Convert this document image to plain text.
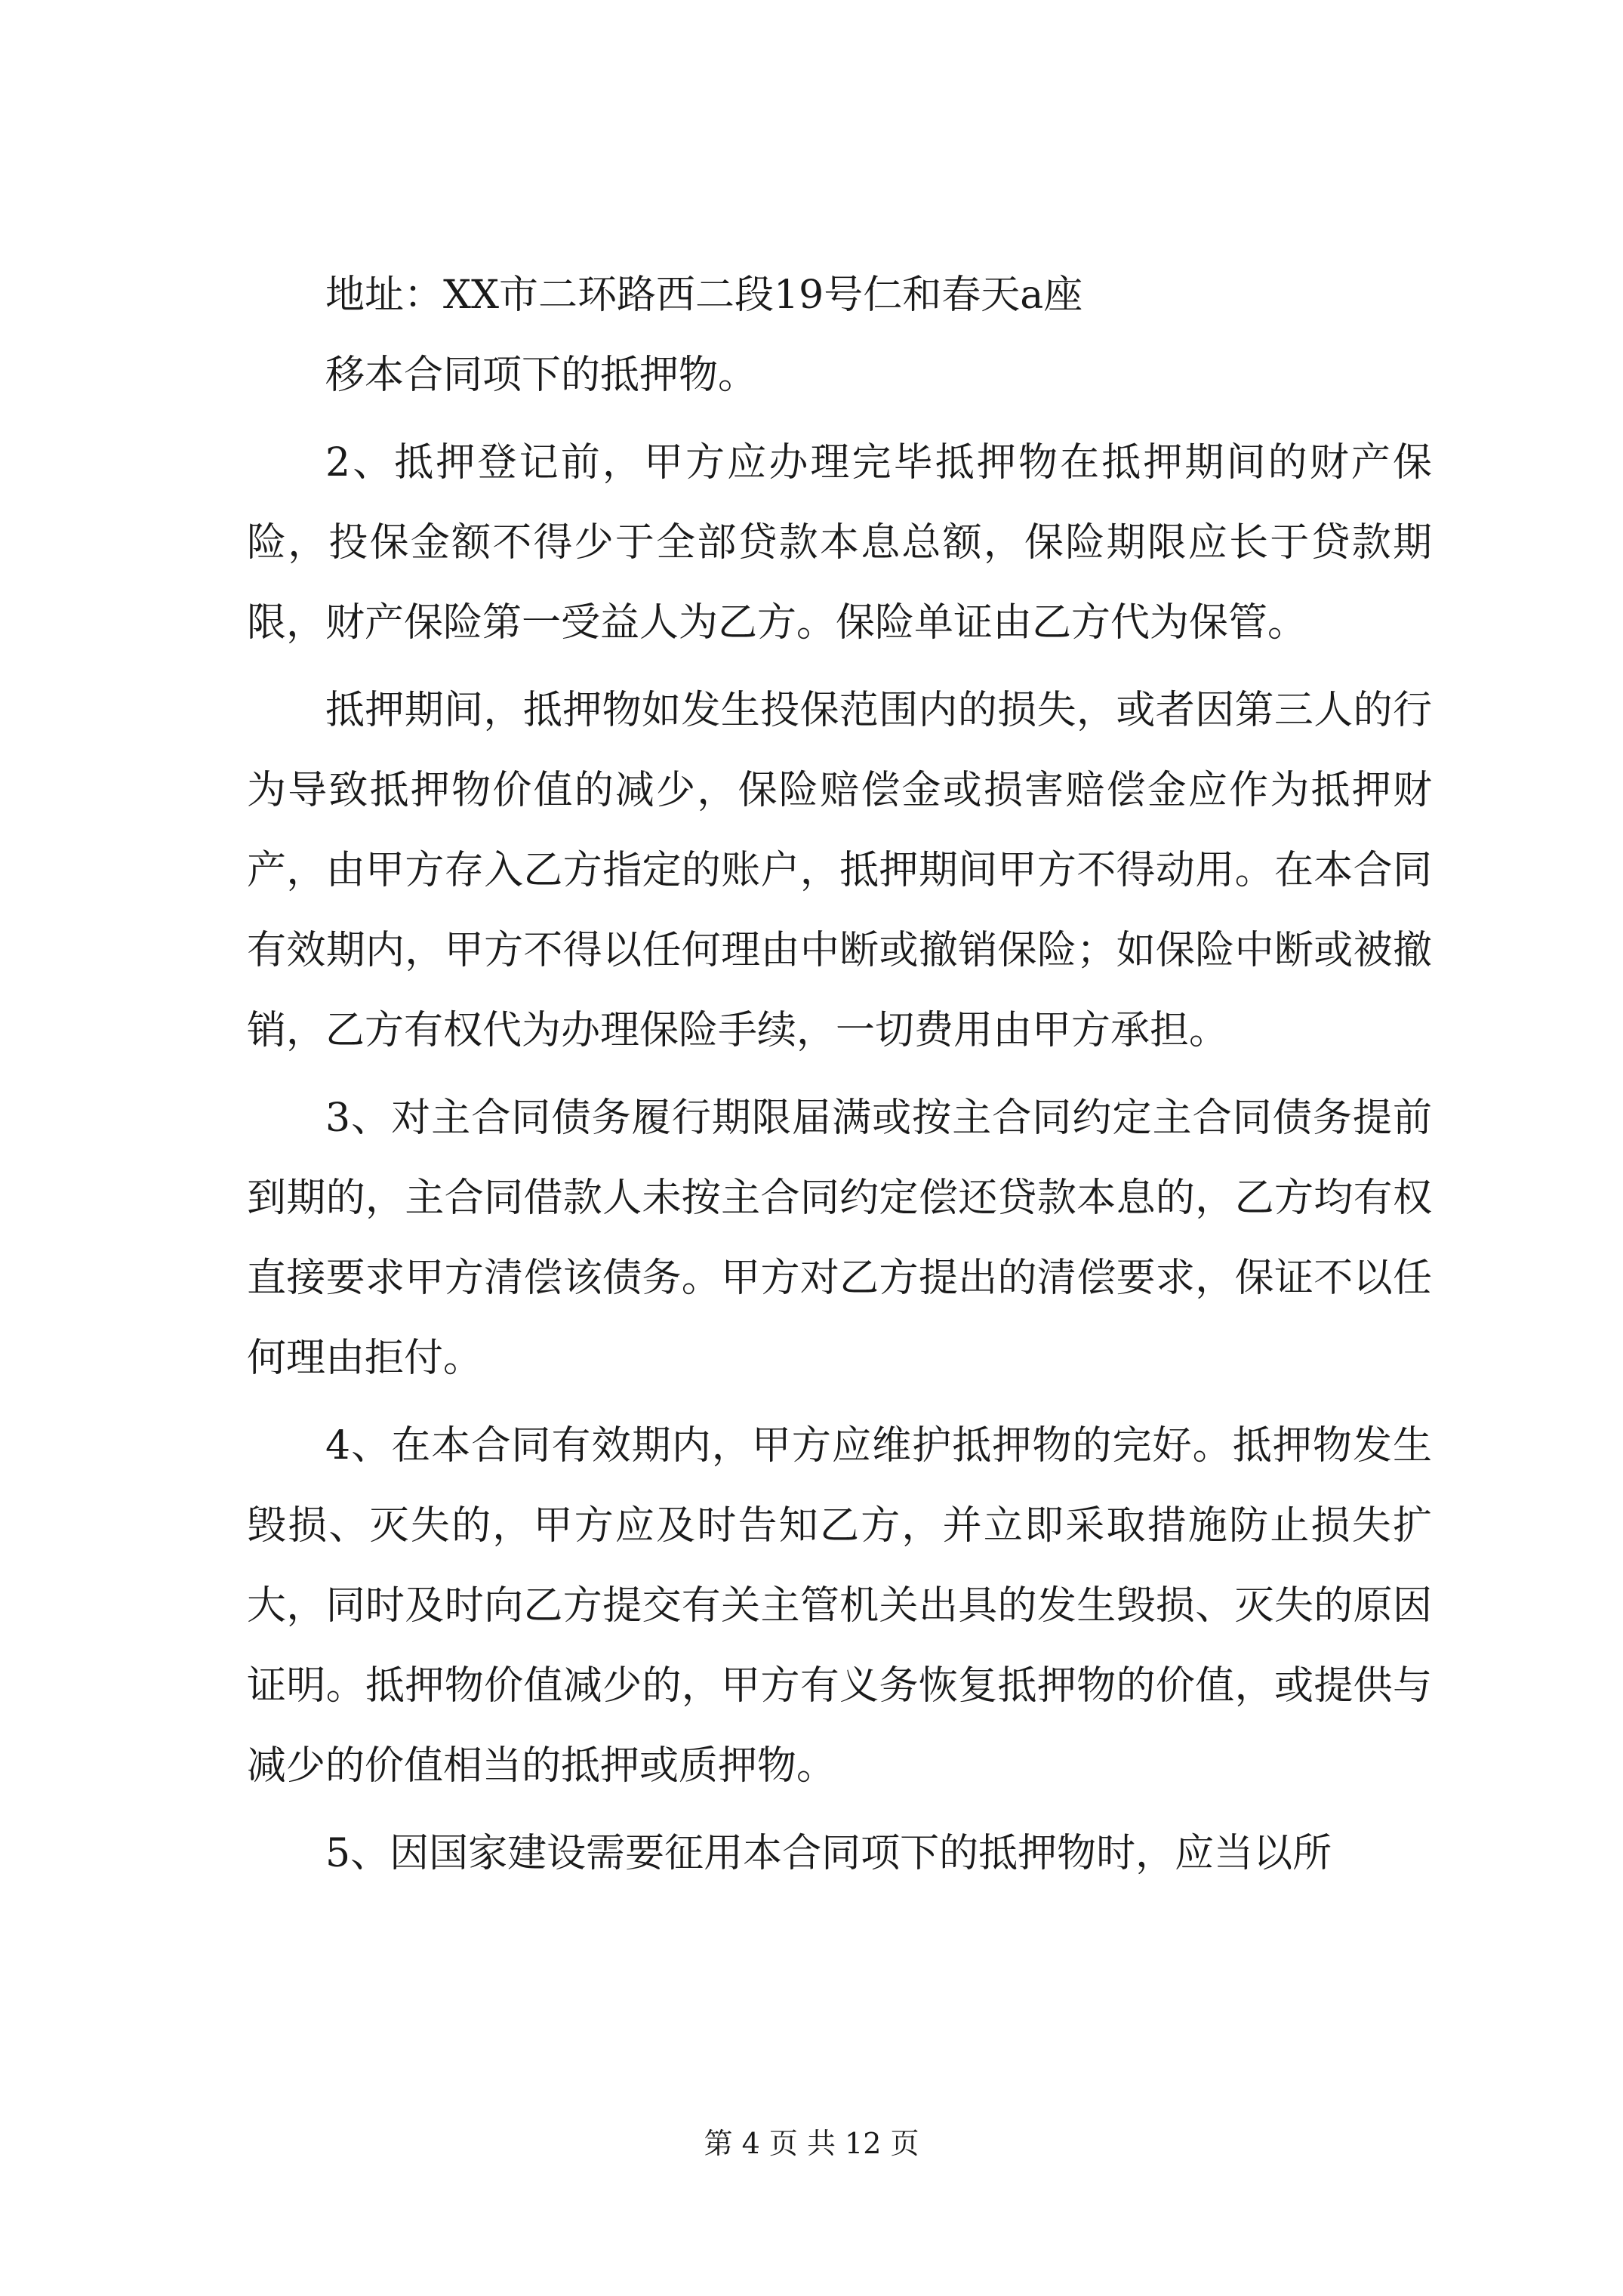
地址：XX市二环路西二段19号仁和春天a座

移本合同项下的抵押物。

2、抵押登记前，甲方应办理完毕抵押物在抵押期间的财产保险，投保金额不得少于全部贷款本息总额，保险期限应长于贷款期限，财产保险第一受益人为乙方。保险单证由乙方代为保管。

抵押期间，抵押物如发生投保范围内的损失，或者因第三人的行为导致抵押物价值的减少，保险赔偿金或损害赔偿金应作为抵押财产，由甲方存入乙方指定的账户，抵押期间甲方不得动用。在本合同有效期内，甲方不得以任何理由中断或撤销保险；如保险中断或被撤销，乙方有权代为办理保险手续，一切费用由甲方承担。

3、对主合同债务履行期限届满或按主合同约定主合同债务提前到期的，主合同借款人未按主合同约定偿还贷款本息的，乙方均有权直接要求甲方清偿该债务。甲方对乙方提出的清偿要求，保证不以任何理由拒付。

4、在本合同有效期内，甲方应维护抵押物的完好。抵押物发生毁损、灭失的，甲方应及时告知乙方，并立即采取措施防止损失扩大，同时及时向乙方提交有关主管机关出具的发生毁损、灭失的原因证明。抵押物价值减少的，甲方有义务恢复抵押物的价值，或提供与减少的价值相当的抵押或质押物。

5、因国家建设需要征用本合同项下的抵押物时，应当以所

第 4 页 共 12 页
